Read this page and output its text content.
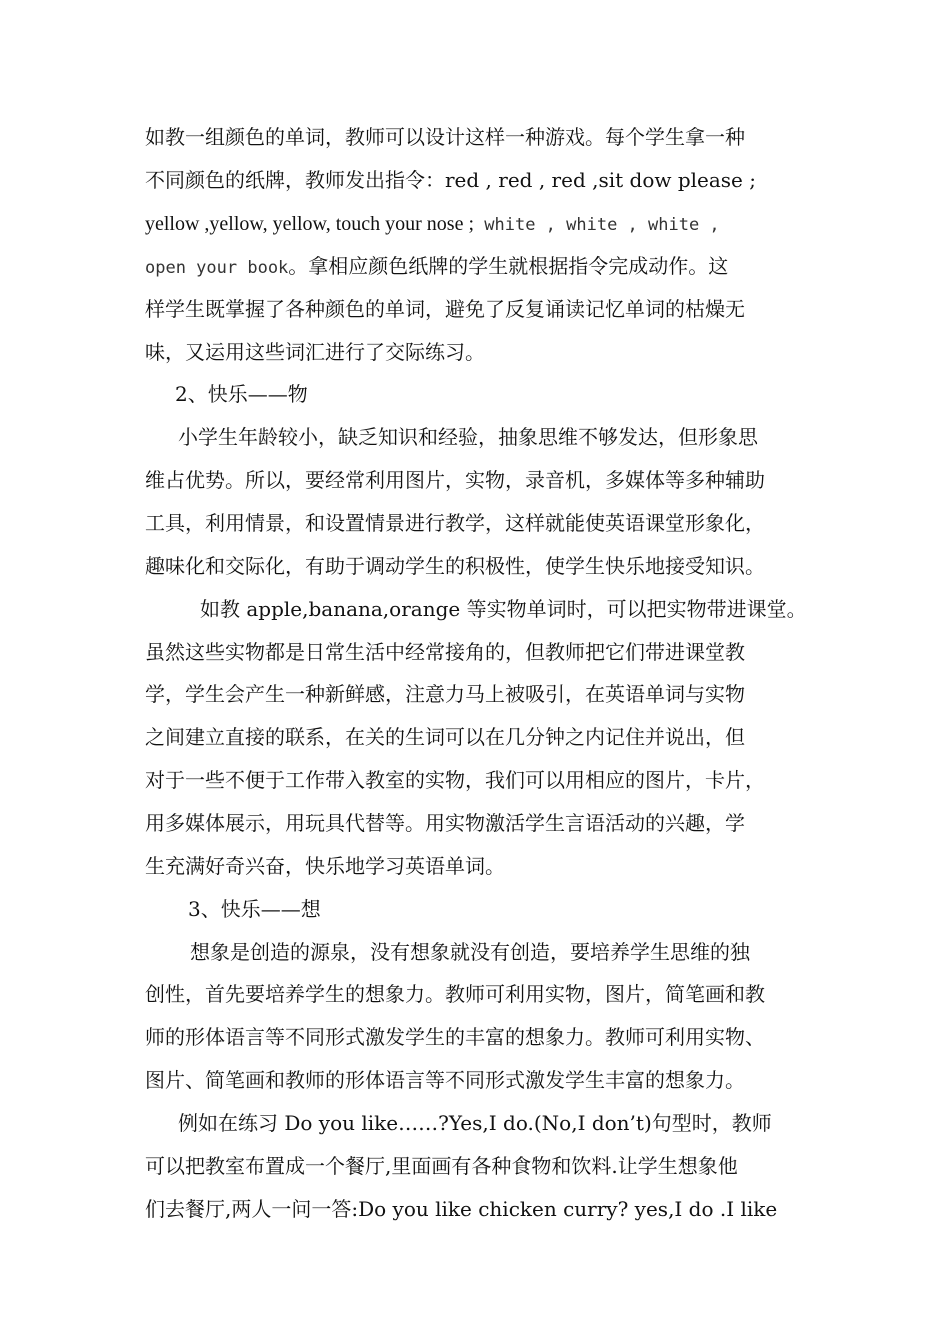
如教一组颜色的单词，教师可以设计这样一种游戏。每个学生拿一种
不同颜色的纸牌，教师发出指令：red , red , red ,sit dow please ;
yellow ,yellow, yellow, touch your nose ; white , white , white ,
open your book。拿相应颜色纸牌的学生就根据指令完成动作。这
样学生既掌握了各种颜色的单词，避免了反复诵读记忆单词的枯燥无
味，又运用这些词汇进行了交际练习。
2、快乐——物
小学生年龄较小，缺乏知识和经验，抽象思维不够发达，但形象思
维占优势。所以，要经常利用图片，实物，录音机，多媒体等多种辅助
工具，利用情景，和设置情景进行教学，这样就能使英语课堂形象化，
趣味化和交际化，有助于调动学生的积极性，使学生快乐地接受知识。
如教 apple,banana,orange 等实物单词时，可以把实物带进课堂。
虽然这些实物都是日常生活中经常接角的，但教师把它们带进课堂教
学，学生会产生一种新鲜感，注意力马上被吸引，在英语单词与实物
之间建立直接的联系，在关的生词可以在几分钟之内记住并说出，但
对于一些不便于工作带入教室的实物，我们可以用相应的图片，卡片，
用多媒体展示，用玩具代替等。用实物激活学生言语活动的兴趣，学
生充满好奇兴奋，快乐地学习英语单词。
3、快乐——想
想象是创造的源泉，没有想象就没有创造，要培养学生思维的独
创性，首先要培养学生的想象力。教师可利用实物，图片，简笔画和教
师的形体语言等不同形式激发学生的丰富的想象力。教师可利用实物、
图片、简笔画和教师的形体语言等不同形式激发学生丰富的想象力。
例如在练习 Do you like……?Yes,I do.(No,I don’t)句型时，教师
可以把教室布置成一个餐厅,里面画有各种食物和饮料.让学生想象他
们去餐厅,两人一问一答:Do you like chicken curry? yes,I do .I like
